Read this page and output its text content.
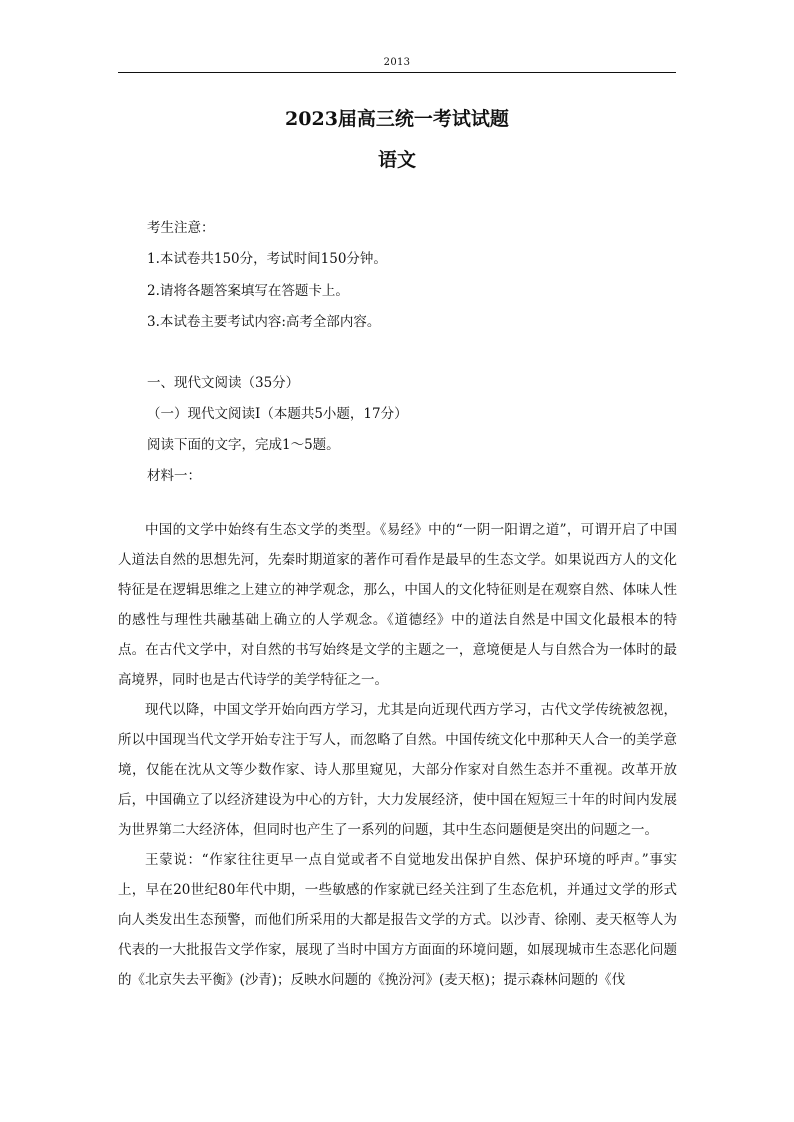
2013
2023届高三统一考试试题
语文
考生注意：
1.本试卷共150分，考试时间150分钟。
2.请将各题答案填写在答题卡上。
3.本试卷主要考试内容:高考全部内容。
一、现代文阅读（35分）
（一）现代文阅读I（本题共5小题，17分）
阅读下面的文字，完成1～5题。
材料一：

中国的文学中始终有生态文学的类型。《易经》中的“一阴一阳谓之道”，可谓开启了中国人道法自然的思想先河，先秦时期道家的著作可看作是最早的生态文学。如果说西方人的文化特征是在逻辑思维之上建立的神学观念，那么，中国人的文化特征则是在观察自然、体味人性的感性与理性共融基础上确立的人学观念。《道德经》中的道法自然是中国文化最根本的特点。在古代文学中，对自然的书写始终是文学的主题之一，意境便是人与自然合为一体时的最高境界，同时也是古代诗学的美学特征之一。

现代以降，中国文学开始向西方学习，尤其是向近现代西方学习，古代文学传统被忽视，所以中国现当代文学开始专注于写人，而忽略了自然。中国传统文化中那种天人合一的美学意境，仅能在沈从文等少数作家、诗人那里窥见，大部分作家对自然生态并不重视。改革开放后，中国确立了以经济建设为中心的方针，大力发展经济，使中国在短短三十年的时间内发展为世界第二大经济体，但同时也产生了一系列的问题，其中生态问题便是突出的问题之一。

王蒙说：“作家往往更早一点自觉或者不自觉地发出保护自然、保护环境的呼声。”事实上，早在20世纪80年代中期，一些敏感的作家就已经关注到了生态危机，并通过文学的形式向人类发出生态预警，而他们所采用的大都是报告文学的方式。以沙青、徐刚、麦天枢等人为代表的一大批报告文学作家，展现了当时中国方方面面的环境问题，如展现城市生态恶化问题的《北京失去平衡》(沙青)；反映水问题的《挽汾河》(麦天枢)；提示森林问题的《伐
